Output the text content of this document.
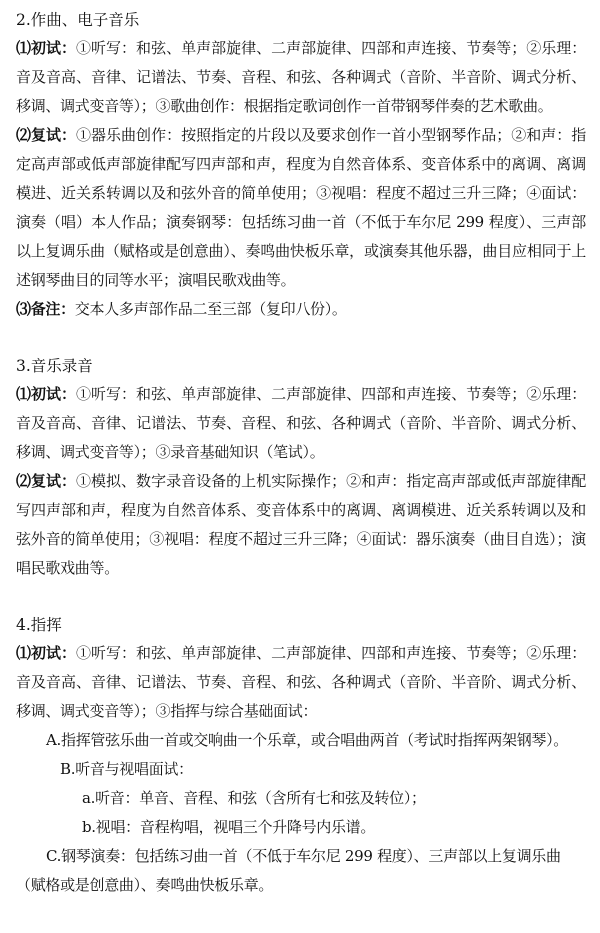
2.作曲、电子音乐

⑴初试：①听写：和弦、单声部旋律、二声部旋律、四部和声连接、节奏等；②乐理：音及音高、音律、记谱法、节奏、音程、和弦、各种调式（音阶、半音阶、调式分析、移调、调式变音等）；③歌曲创作：根据指定歌词创作一首带钢琴伴奏的艺术歌曲。

⑵复试：①器乐曲创作：按照指定的片段以及要求创作一首小型钢琴作品；②和声：指定高声部或低声部旋律配写四声部和声，程度为自然音体系、变音体系中的离调、离调模进、近关系转调以及和弦外音的简单使用；③视唱：程度不超过三升三降；④面试：演奏（唱）本人作品；演奏钢琴：包括练习曲一首（不低于车尔尼 299 程度）、三声部以上复调乐曲（赋格或是创意曲）、奏鸣曲快板乐章，或演奏其他乐器，曲目应相同于上述钢琴曲目的同等水平；演唱民歌戏曲等。

⑶备注：交本人多声部作品二至三部（复印八份）。

3.音乐录音

⑴初试：①听写：和弦、单声部旋律、二声部旋律、四部和声连接、节奏等；②乐理：音及音高、音律、记谱法、节奏、音程、和弦、各种调式（音阶、半音阶、调式分析、移调、调式变音等）；③录音基础知识（笔试）。

⑵复试：①模拟、数字录音设备的上机实际操作；②和声：指定高声部或低声部旋律配写四声部和声，程度为自然音体系、变音体系中的离调、离调模进、近关系转调以及和弦外音的简单使用；③视唱：程度不超过三升三降；④面试：器乐演奏（曲目自选）；演唱民歌戏曲等。

4.指挥

⑴初试：①听写：和弦、单声部旋律、二声部旋律、四部和声连接、节奏等；②乐理：音及音高、音律、记谱法、节奏、音程、和弦、各种调式（音阶、半音阶、调式分析、移调、调式变音等）；③指挥与综合基础面试：

A.指挥管弦乐曲一首或交响曲一个乐章，或合唱曲两首（考试时指挥两架钢琴）。

B.听音与视唱面试：

a.听音：单音、音程、和弦（含所有七和弦及转位）；

b.视唱：音程构唱，视唱三个升降号内乐谱。

C.钢琴演奏：包括练习曲一首（不低于车尔尼 299 程度）、三声部以上复调乐曲

（赋格或是创意曲）、奏鸣曲快板乐章。
